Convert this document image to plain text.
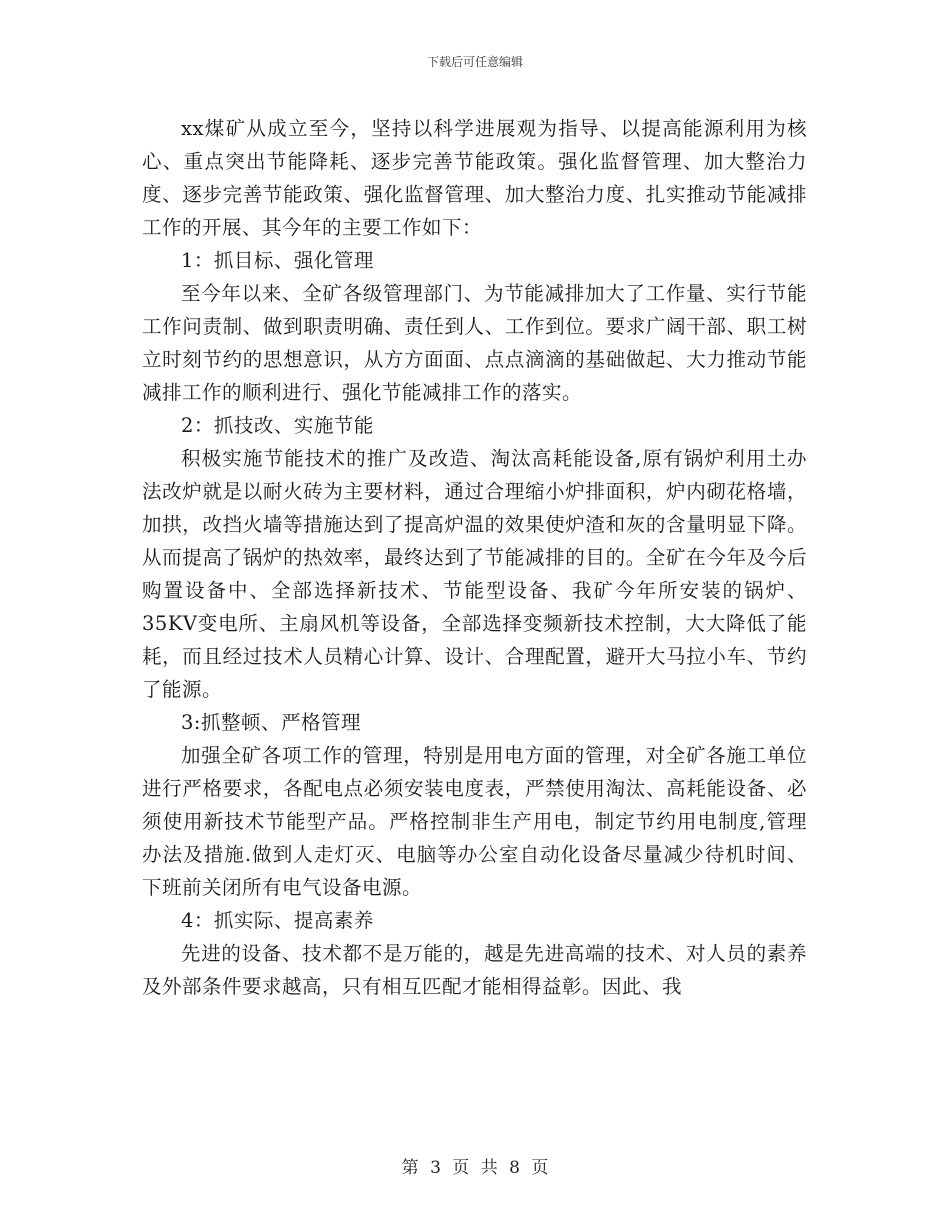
下载后可任意编辑

xx煤矿从成立至今，坚持以科学进展观为指导、以提高能源利用为核心、重点突出节能降耗、逐步完善节能政策。强化监督管理、加大整治力度、逐步完善节能政策、强化监督管理、加大整治力度、扎实推动节能减排工作的开展、其今年的主要工作如下：

1：抓目标、强化管理

至今年以来、全矿各级管理部门、为节能减排加大了工作量、实行节能工作问责制、做到职责明确、责任到人、工作到位。要求广阔干部、职工树立时刻节约的思想意识，从方方面面、点点滴滴的基础做起、大力推动节能减排工作的顺利进行、强化节能减排工作的落实。

2：抓技改、实施节能

积极实施节能技术的推广及改造、淘汰高耗能设备,原有锅炉利用土办法改炉就是以耐火砖为主要材料，通过合理缩小炉排面积，炉内砌花格墙，加拱，改挡火墙等措施达到了提高炉温的效果使炉渣和灰的含量明显下降。从而提高了锅炉的热效率，最终达到了节能减排的目的。全矿在今年及今后购置设备中、全部选择新技术、节能型设备、我矿今年所安装的锅炉、35KV变电所、主扇风机等设备，全部选择变频新技术控制，大大降低了能耗，而且经过技术人员精心计算、设计、合理配置，避开大马拉小车、节约了能源。

3:抓整顿、严格管理

加强全矿各项工作的管理，特别是用电方面的管理，对全矿各施工单位进行严格要求，各配电点必须安装电度表，严禁使用淘汰、高耗能设备、必须使用新技术节能型产品。严格控制非生产用电，制定节约用电制度,管理办法及措施.做到人走灯灭、电脑等办公室自动化设备尽量减少待机时间、下班前关闭所有电气设备电源。

4：抓实际、提高素养

先进的设备、技术都不是万能的，越是先进高端的技术、对人员的素养及外部条件要求越高，只有相互匹配才能相得益彰。因此、我

第 3 页 共 8 页
